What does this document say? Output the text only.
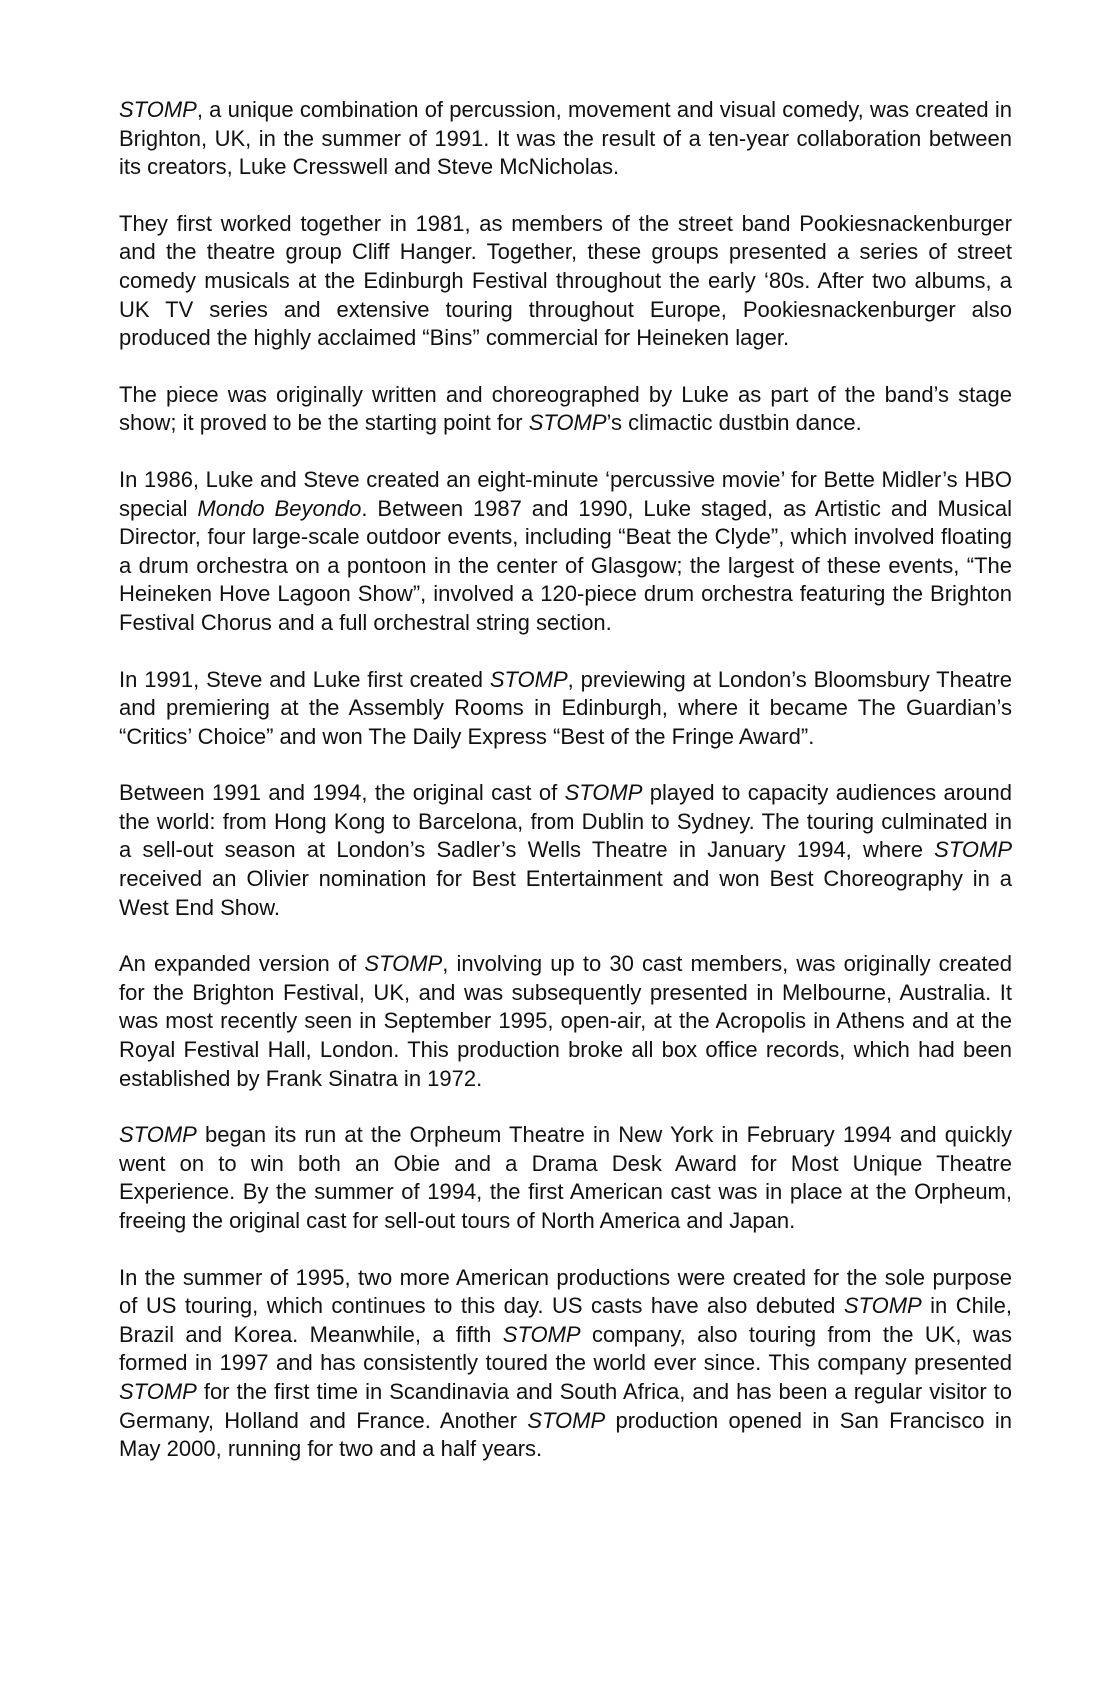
STOMP, a unique combination of percussion, movement and visual comedy, was created in Brighton, UK, in the summer of 1991. It was the result of a ten-year collaboration between its creators, Luke Cresswell and Steve McNicholas.

They first worked together in 1981, as members of the street band Pookiesnackenburger and the theatre group Cliff Hanger. Together, these groups presented a series of street comedy musicals at the Edinburgh Festival throughout the early ‘80s. After two albums, a UK TV series and extensive touring throughout Europe, Pookiesnackenburger also produced the highly acclaimed “Bins” commercial for Heineken lager.

The piece was originally written and choreographed by Luke as part of the band’s stage show; it proved to be the starting point for STOMP’s climactic dustbin dance.

In 1986, Luke and Steve created an eight-minute ‘percussive movie’ for Bette Midler’s HBO special Mondo Beyondo. Between 1987 and 1990, Luke staged, as Artistic and Musical Director, four large-scale outdoor events, including “Beat the Clyde”, which involved floating a drum orchestra on a pontoon in the center of Glasgow; the largest of these events, “The Heineken Hove Lagoon Show”, involved a 120-piece drum orchestra featuring the Brighton Festival Chorus and a full orchestral string section.

In 1991, Steve and Luke first created STOMP, previewing at London’s Bloomsbury Theatre and premiering at the Assembly Rooms in Edinburgh, where it became The Guardian’s “Critics’ Choice” and won The Daily Express “Best of the Fringe Award”.

Between 1991 and 1994, the original cast of STOMP played to capacity audiences around the world: from Hong Kong to Barcelona, from Dublin to Sydney. The touring culminated in a sell-out season at London’s Sadler’s Wells Theatre in January 1994, where STOMP received an Olivier nomination for Best Entertainment and won Best Choreography in a West End Show.

An expanded version of STOMP, involving up to 30 cast members, was originally created for the Brighton Festival, UK, and was subsequently presented in Melbourne, Australia. It was most recently seen in September 1995, open-air, at the Acropolis in Athens and at the Royal Festival Hall, London. This production broke all box office records, which had been established by Frank Sinatra in 1972.

STOMP began its run at the Orpheum Theatre in New York in February 1994 and quickly went on to win both an Obie and a Drama Desk Award for Most Unique Theatre Experience. By the summer of 1994, the first American cast was in place at the Orpheum, freeing the original cast for sell-out tours of North America and Japan.

In the summer of 1995, two more American productions were created for the sole purpose of US touring, which continues to this day. US casts have also debuted STOMP in Chile, Brazil and Korea. Meanwhile, a fifth STOMP company, also touring from the UK, was formed in 1997 and has consistently toured the world ever since. This company presented STOMP for the first time in Scandinavia and South Africa, and has been a regular visitor to Germany, Holland and France. Another STOMP production opened in San Francisco in May 2000, running for two and a half years.
